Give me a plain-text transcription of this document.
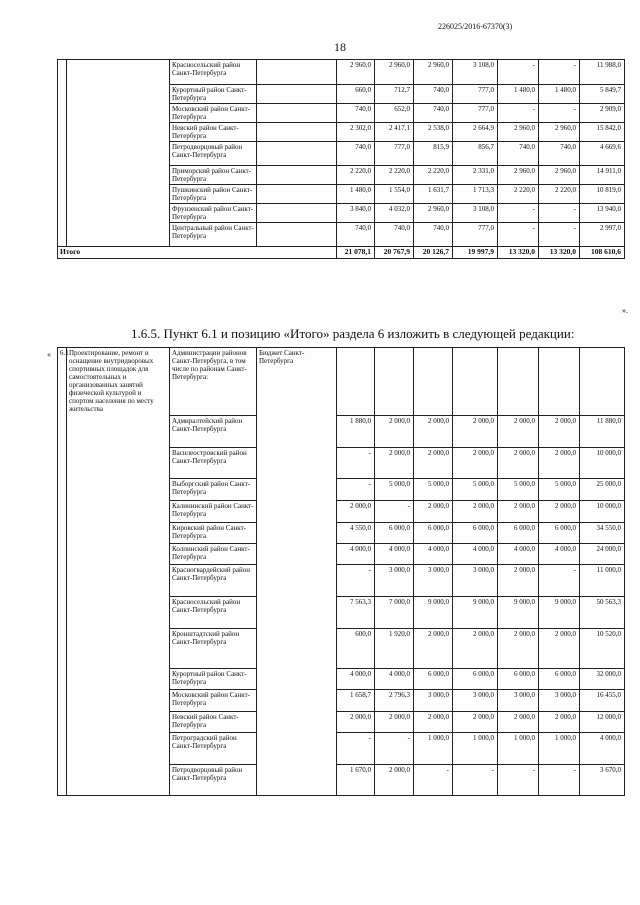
226025/2016-67370(3)
18
		Красносельский район Санкт-Петербурга		2 960,0	2 960,0	2 960,0	3 108,0	-	-	11 988,0
		Курортный район Санкт-Петербурга		660,0	712,7	740,0	777,0	1 480,0	1 480,0	5 849,7
		Московский район Санкт-Петербурга		740,0	652,0	740,0	777,0	-	-	2 909,0
		Невский район Санкт-Петербурга		2 302,0	2 417,1	2 538,0	2 664,9	2 960,0	2 960,0	15 842,0
		Петродворцовый район Санкт-Петербурга		740,0	777,0	815,9	856,7	740,0	740,0	4 669,6
		Приморский район Санкт-Петербурга		2 220,0	2 220,0	2 220,0	2 331,0	2 960,0	2 960,0	14 911,0
		Пушкинский район Санкт-Петербурга		1 480,0	1 554,0	1 631,7	1 713,3	2 220,0	2 220,0	10 819,0
		Фрунзенский район Санкт-Петербурга		3 840,0	4 032,0	2 960,0	3 108,0	-	-	13 940,0
		Центральный район Санкт-Петербурга		740,0	740,0	740,0	777,0	-	-	2 997,0
Итого				21 078,1	20 767,9	20 126,7	19 997,9	13 320,0	13 320,0	108 610,6
».
1.6.5. Пункт 6.1 и позицию «Итого» раздела 6 изложить в следующей редакции:
« 6.1	Проектирование, ремонт и оснащение внутридворовых спортивных площадок для самостоятельных и организованных занятий физической культурой и спортом населения по месту жительства	Администрации районов Санкт-Петербурга, в том числе по районам Санкт-Петербурга:	Бюджет Санкт-Петербурга							
		Адмиралтейский район Санкт-Петербурга		1 880,0	2 000,0	2 000,0	2 000,0	2 000,0	2 000,0	11 880,0
		Василеостровский район Санкт-Петербурга		-	2 000,0	2 000,0	2 000,0	2 000,0	2 000,0	10 000,0
		Выборгский район Санкт-Петербурга		-	5 000,0	5 000,0	5 000,0	5 000,0	5 000,0	25 000,0
		Калининский район Санкт-Петербурга		2 000,0	-	2 000,0	2 000,0	2 000,0	2 000,0	10 000,0
		Кировский район Санкт-Петербурга		4 550,0	6 000,0	6 000,0	6 000,0	6 000,0	6 000,0	34 550,0
		Колпинский район Санкт-Петербурга		4 000,0	4 000,0	4 000,0	4 000,0	4 000,0	4 000,0	24 000,0
		Красногвардейский район Санкт-Петербурга		-	3 000,0	3 000,0	3 000,0	2 000,0	-	11 000,0
		Красносельский район Санкт-Петербурга		7 563,3	7 000,0	9 000,0	9 000,0	9 000,0	9 000,0	50 563,3
		Кронштадтский район Санкт-Петербурга		600,0	1 920,0	2 000,0	2 000,0	2 000,0	2 000,0	10 520,0
		Курортный район Санкт-Петербурга		4 000,0	4 000,0	6 000,0	6 000,0	6 000,0	6 000,0	32 000,0
		Московский район Санкт-Петербурга		1 658,7	2 796,3	3 000,0	3 000,0	3 000,0	3 000,0	16 455,0
		Невский район Санкт-Петербурга		2 000,0	2 000,0	2 000,0	2 000,0	2 000,0	2 000,0	12 000,0
		Петроградский район Санкт-Петербурга		-	-	1 000,0	1 000,0	1 000,0	1 000,0	4 000,0
		Петродворцовый район Санкт-Петербурга		1 670,0	2 000,0	-	-	-	-	3 670,0
